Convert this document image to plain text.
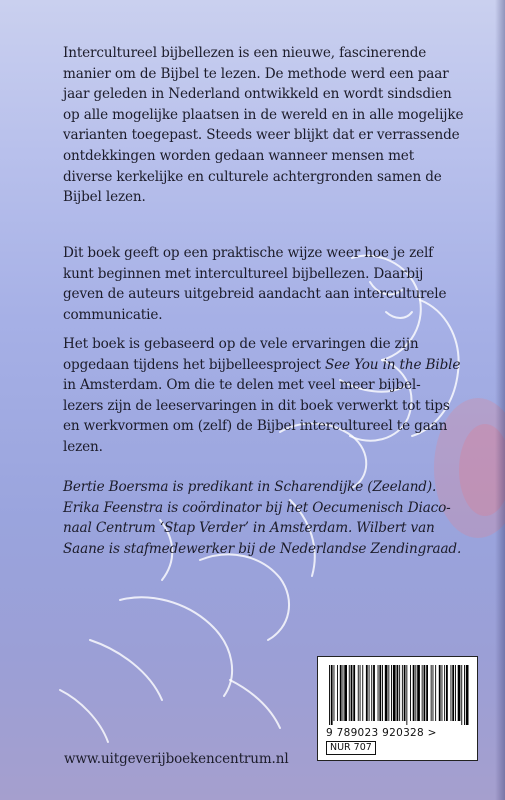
Intercultureel bijbellezen is een nieuwe, fascinerende
manier om de Bijbel te lezen. De methode werd een paar
jaar geleden in Nederland ontwikkeld en wordt sindsdien
op alle mogelijke plaatsen in de wereld en in alle mogelijke
varianten toegepast. Steeds weer blijkt dat er verrassende
ontdekkingen worden gedaan wanneer mensen met
diverse kerkelijke en culturele achtergronden samen de
Bijbel lezen.

Dit boek geeft op een praktische wijze weer hoe je zelf
kunt beginnen met intercultureel bijbellezen. Daarbij
geven de auteurs uitgebreid aandacht aan interculturele
communicatie.

Het boek is gebaseerd op de vele ervaringen die zijn
opgedaan tijdens het bijbelleesproject See You in the Bible
in Amsterdam. Om die te delen met veel meer bijbel-
lezers zijn de leeservaringen in dit boek verwerkt tot tips
en werkvormen om (zelf) de Bijbel intercultureel te gaan
lezen.

Bertie Boersma is predikant in Scharendijke (Zeeland).
Erika Feenstra is coördinator bij het Oecumenisch Diaco-
naal Centrum ‘Stap Verder’ in Amsterdam. Wilbert van
Saane is stafmedewerker bij de Nederlandse Zendingraad.

www.uitgeverijboekencentrum.nl
9 789023 920328 >
NUR 707
